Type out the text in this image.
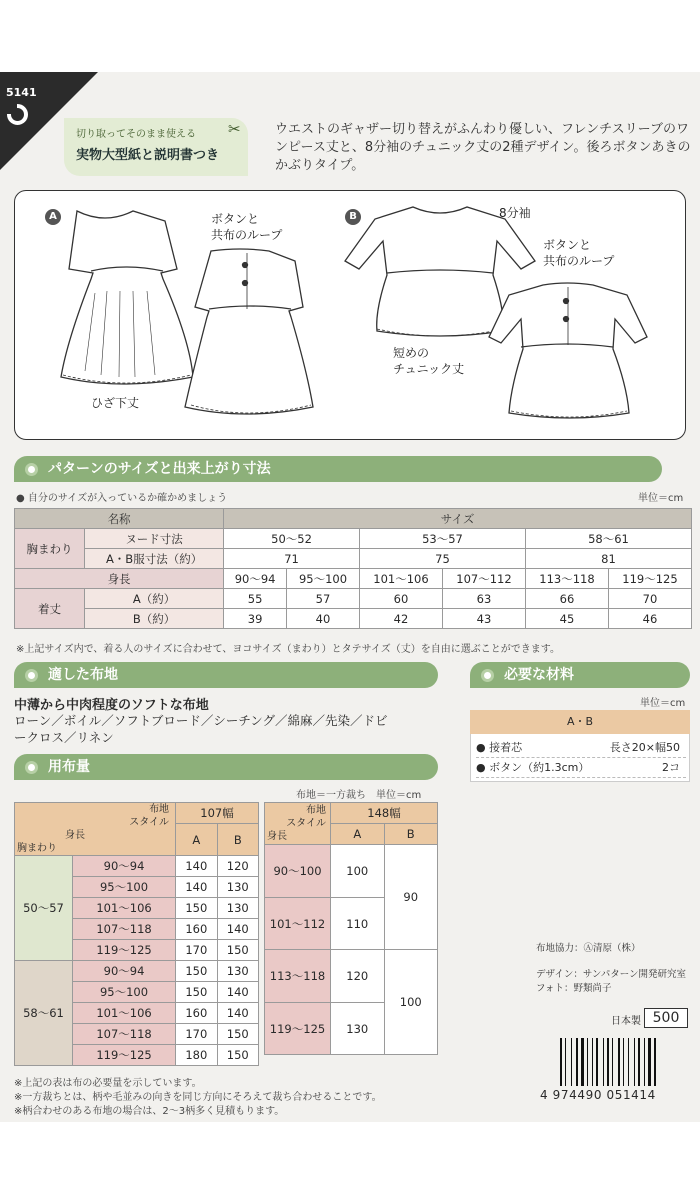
5141
切り取ってそのまま使える
実物大型紙と説明書つき
✂	ウエストのギャザー切り替えがふんわり優しい、フレンチスリーブのワンピース丈と、8分袖のチュニック丈の2種デザイン。後ろボタンあきのかぶりタイプ。
A	B
ボタンと
共布のループ
ひざ下丈
8分袖
ボタンと
共布のループ
短めの
チュニック丈
パターンのサイズと出来上がり寸法
● 自分のサイズが入っているか確かめましょう	単位＝cm
名称		サイズ					
胸まわり	ヌード寸法	50〜52		53〜57		58〜61	
	A・B服寸法（約）	71		75		81	
身長		90〜94	95〜100	101〜106	107〜112	113〜118	119〜125
着丈	A（約）	55	57	60	63	66	70
	B（約）	39	40	42	43	45	46
※上記サイズ内で、着る人のサイズに合わせて、ヨコサイズ（まわり）とタテサイズ（丈）を自由に選ぶことができます。
適した布地
中薄から中肉程度のソフトな布地
ローン／ボイル／ソフトブロード／シーチング／綿麻／先染／ドビークロス／リネン
必要な材料
単位＝cm
A・B
● 接着芯	長さ20×幅50
● ボタン（約1.3cm）	2コ
用布量
布地＝一方裁ち　単位＝cm
布地
スタイル
身長
胸まわり		107幅	
		A	B

50〜57	90〜94	140	120
	95〜100	140	130
	101〜106	150	130
	107〜118	160	140
	119〜125	170	150
58〜61	90〜94	150	130
	95〜100	150	140
	101〜106	160	140
	107〜118	170	150
	119〜125	180	150
布地
スタイル
身長	148幅	
	A	B

90〜100	100	90
101〜112	110	
113〜118	120	100
119〜125	130	
※上記の表は布の必要量を示しています。
※一方裁ちとは、柄や毛並みの向きを同じ方向にそろえて裁ち合わせることです。
※柄合わせのある布地の場合は、2〜3柄多く見積もります。
布地協力：Ⓐ清原（株）
デザイン：サンパターン開発研究室
フォト：野類尚子
日本製 500
4 974490 051414
